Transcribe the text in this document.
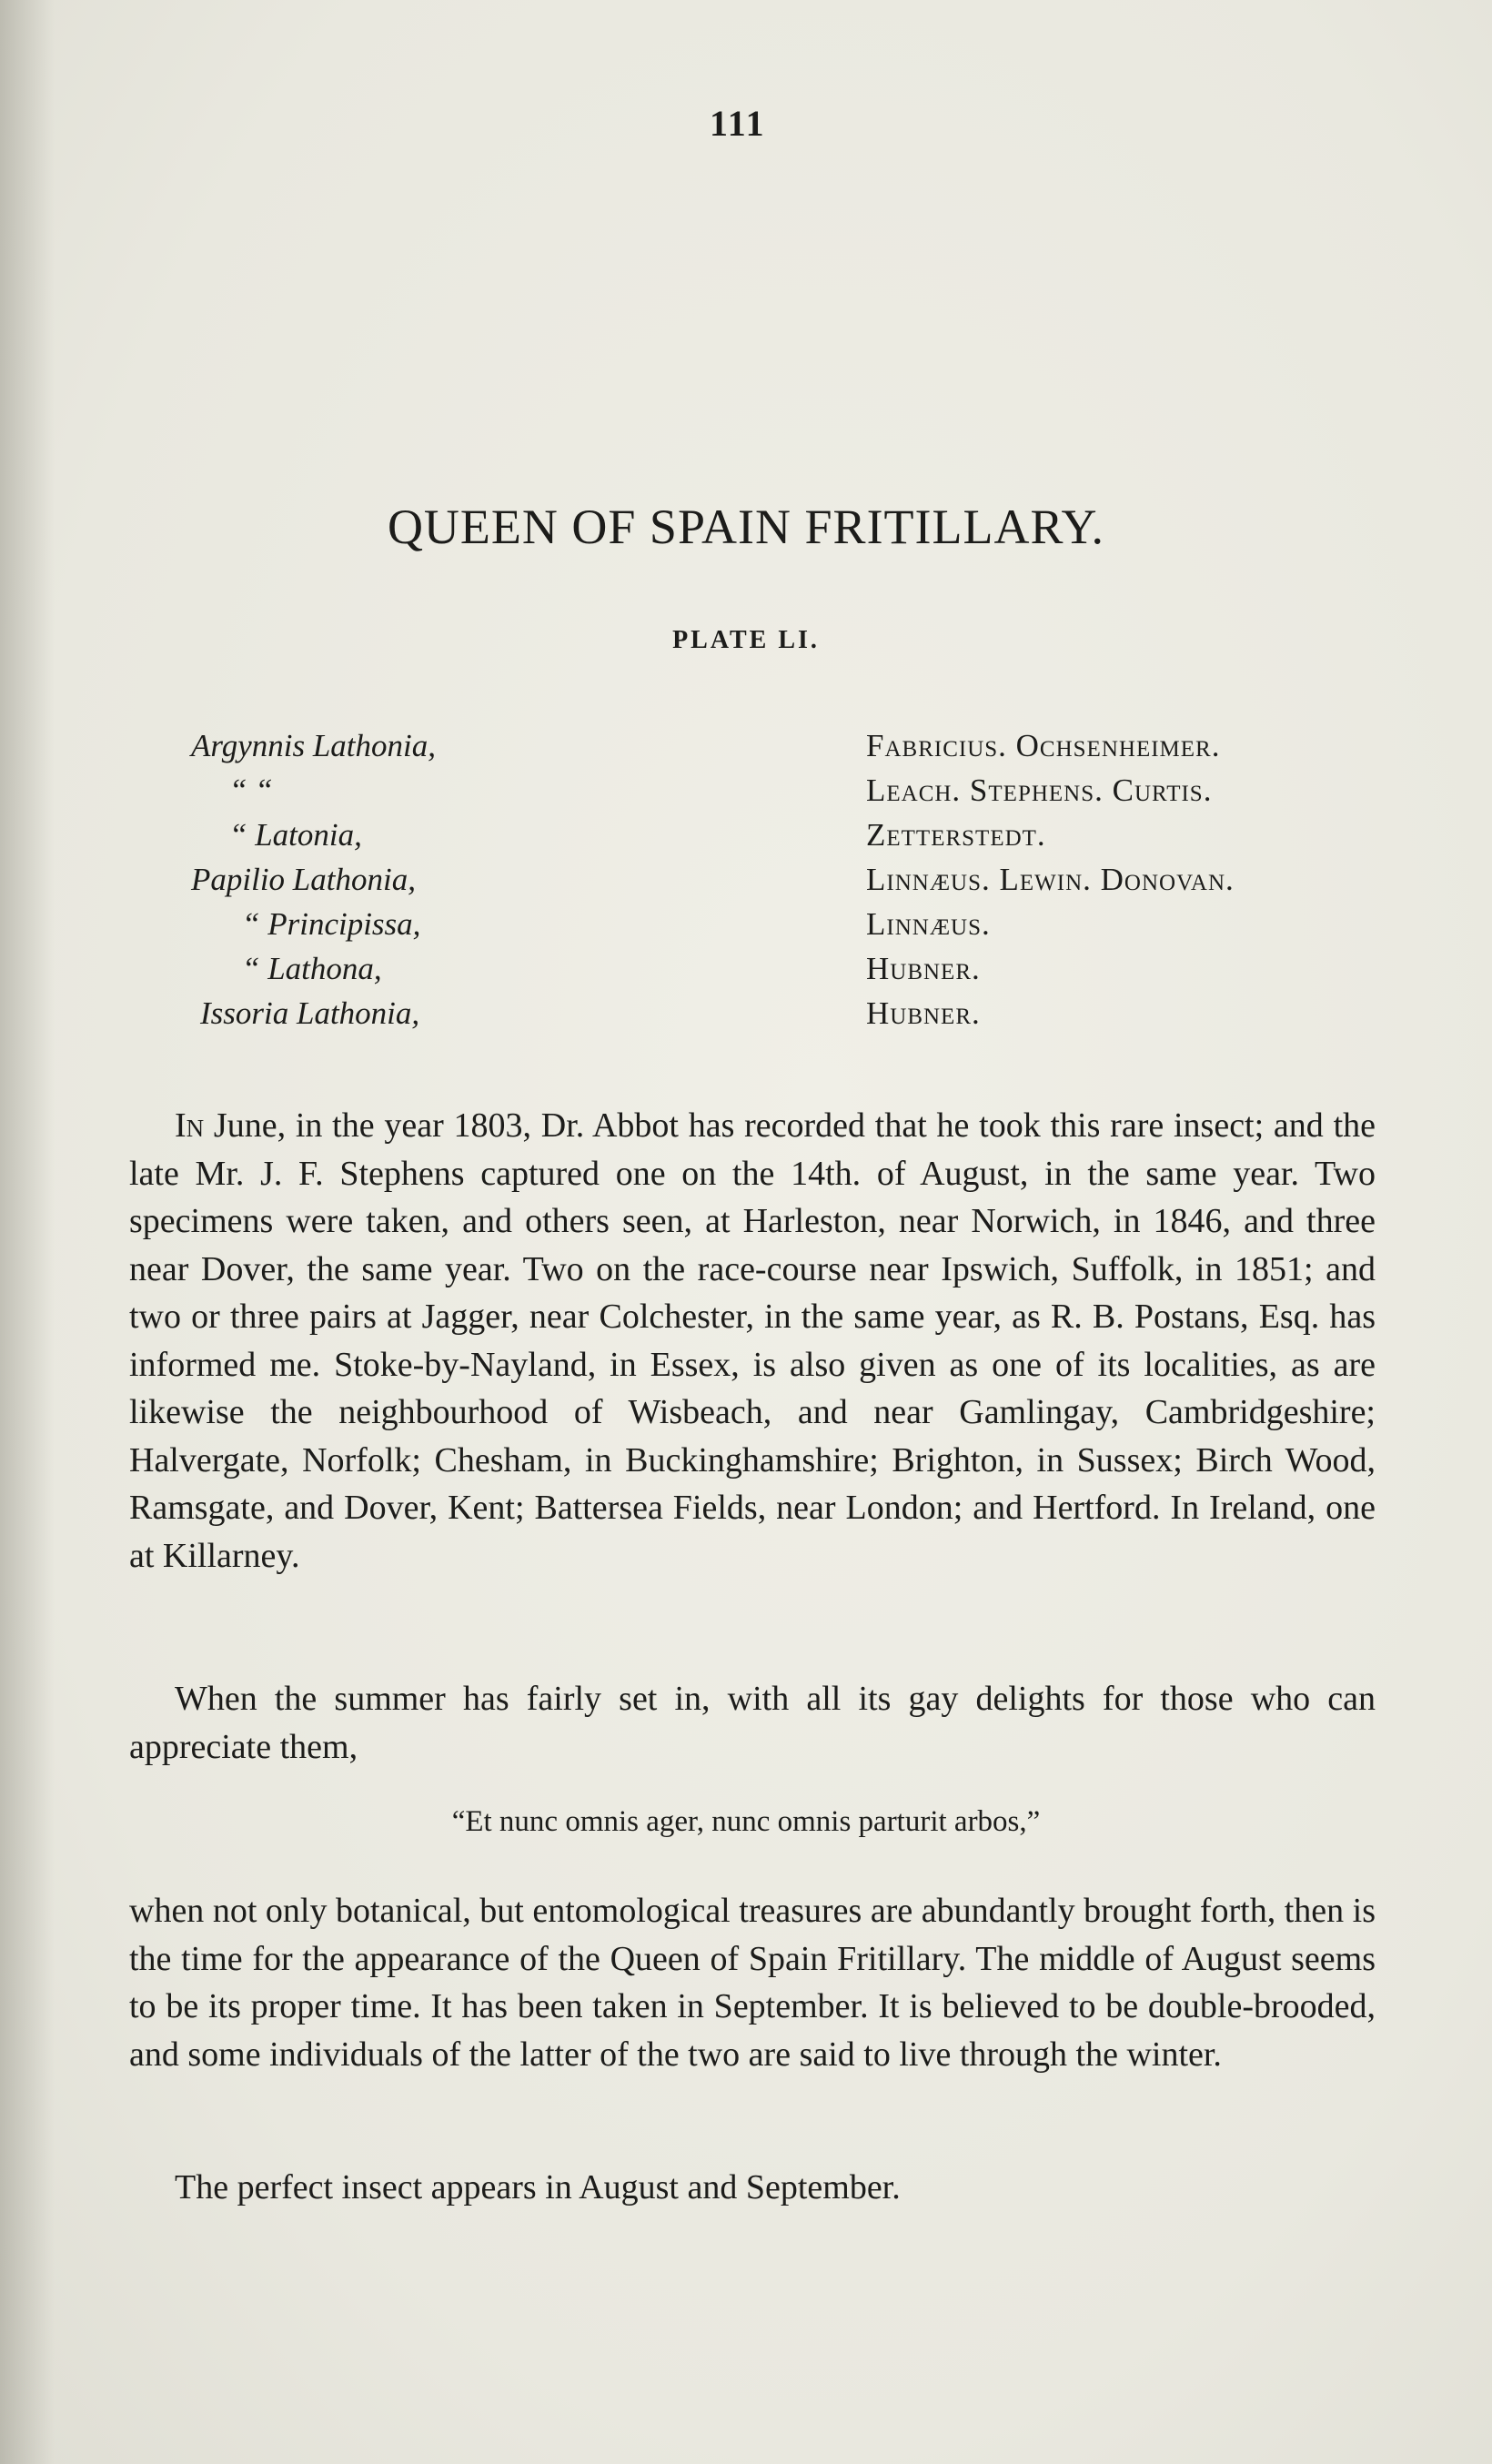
111
QUEEN OF SPAIN FRITILLARY.
PLATE LI.
Argynnis Lathonia,	Fabricius. Ochsenheimer.
“ “	Leach. Stephens. Curtis.
“ Latonia,	Zetterstedt.
Papilio Lathonia,	Linnæus. Lewin. Donovan.
“ Principissa,	Linnæus.
“ Lathona,	Hubner.
Issoria Lathonia,	Hubner.

In June, in the year 1803, Dr. Abbot has recorded that he took this rare insect; and the late Mr. J. F. Stephens captured one on the 14th. of August, in the same year. Two specimens were taken, and others seen, at Harleston, near Norwich, in 1846, and three near Dover, the same year. Two on the race-course near Ipswich, Suffolk, in 1851; and two or three pairs at Jagger, near Colchester, in the same year, as R. B. Postans, Esq. has informed me. Stoke-by-Nayland, in Essex, is also given as one of its localities, as are likewise the neighbourhood of Wisbeach, and near Gamlingay, Cambridgeshire; Halvergate, Norfolk; Chesham, in Buckinghamshire; Brighton, in Sussex; Birch Wood, Ramsgate, and Dover, Kent; Battersea Fields, near London; and Hertford. In Ireland, one at Killarney.

When the summer has fairly set in, with all its gay delights for those who can appreciate them,

“Et nunc omnis ager, nunc omnis parturit arbos,”

when not only botanical, but entomological treasures are abundantly brought forth, then is the time for the appearance of the Queen of Spain Fritillary. The middle of August seems to be its proper time. It has been taken in September. It is believed to be double-brooded, and some individuals of the latter of the two are said to live through the winter.

The perfect insect appears in August and September.
